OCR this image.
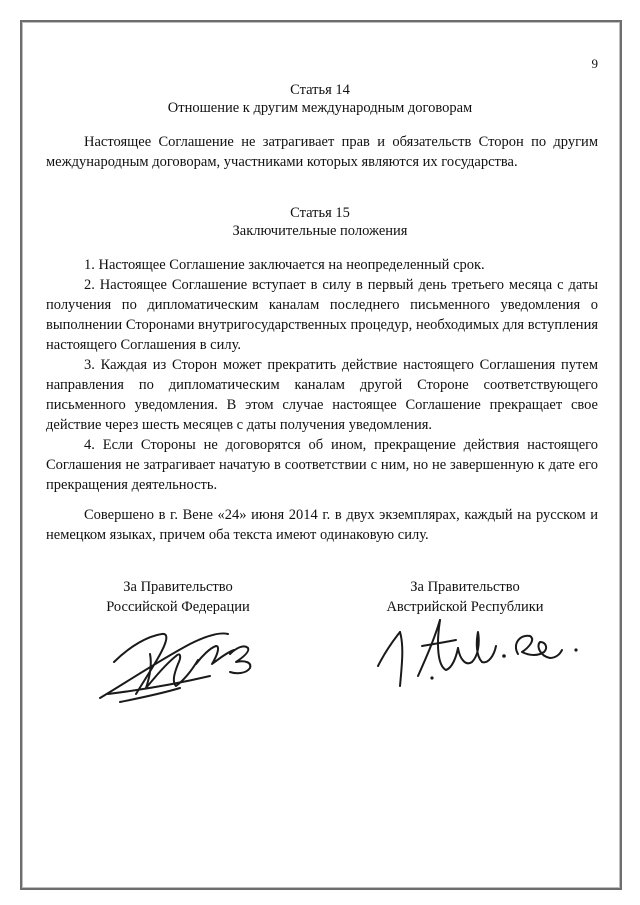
9
Статья 14
Отношение к другим международным договорам

Настоящее Соглашение не затрагивает прав и обязательств Сторон по другим международным договорам, участниками которых являются их государства.

Статья 15
Заключительные положения

1. Настоящее Соглашение заключается на неопределенный срок.

2. Настоящее Соглашение вступает в силу в первый день третьего месяца с даты получения по дипломатическим каналам последнего письменного уведомления о выполнении Сторонами внутригосударственных процедур, необходимых для вступления настоящего Соглашения в силу.

3. Каждая из Сторон может прекратить действие настоящего Соглашения путем направления по дипломатическим каналам другой Стороне соответствующего письменного уведомления. В этом случае настоящее Соглашение прекращает свое действие через шесть месяцев с даты получения уведомления.

4. Если Стороны не договорятся об ином, прекращение действия настоящего Соглашения не затрагивает начатую в соответствии с ним, но не завершенную к дате его прекращения деятельность.

Совершено в г. Вене «24» июня 2014 г. в двух экземплярах, каждый на русском и немецком языках, причем оба текста имеют одинаковую силу.

За Правительство
Российской Федерации
За Правительство
Австрийской Республики
